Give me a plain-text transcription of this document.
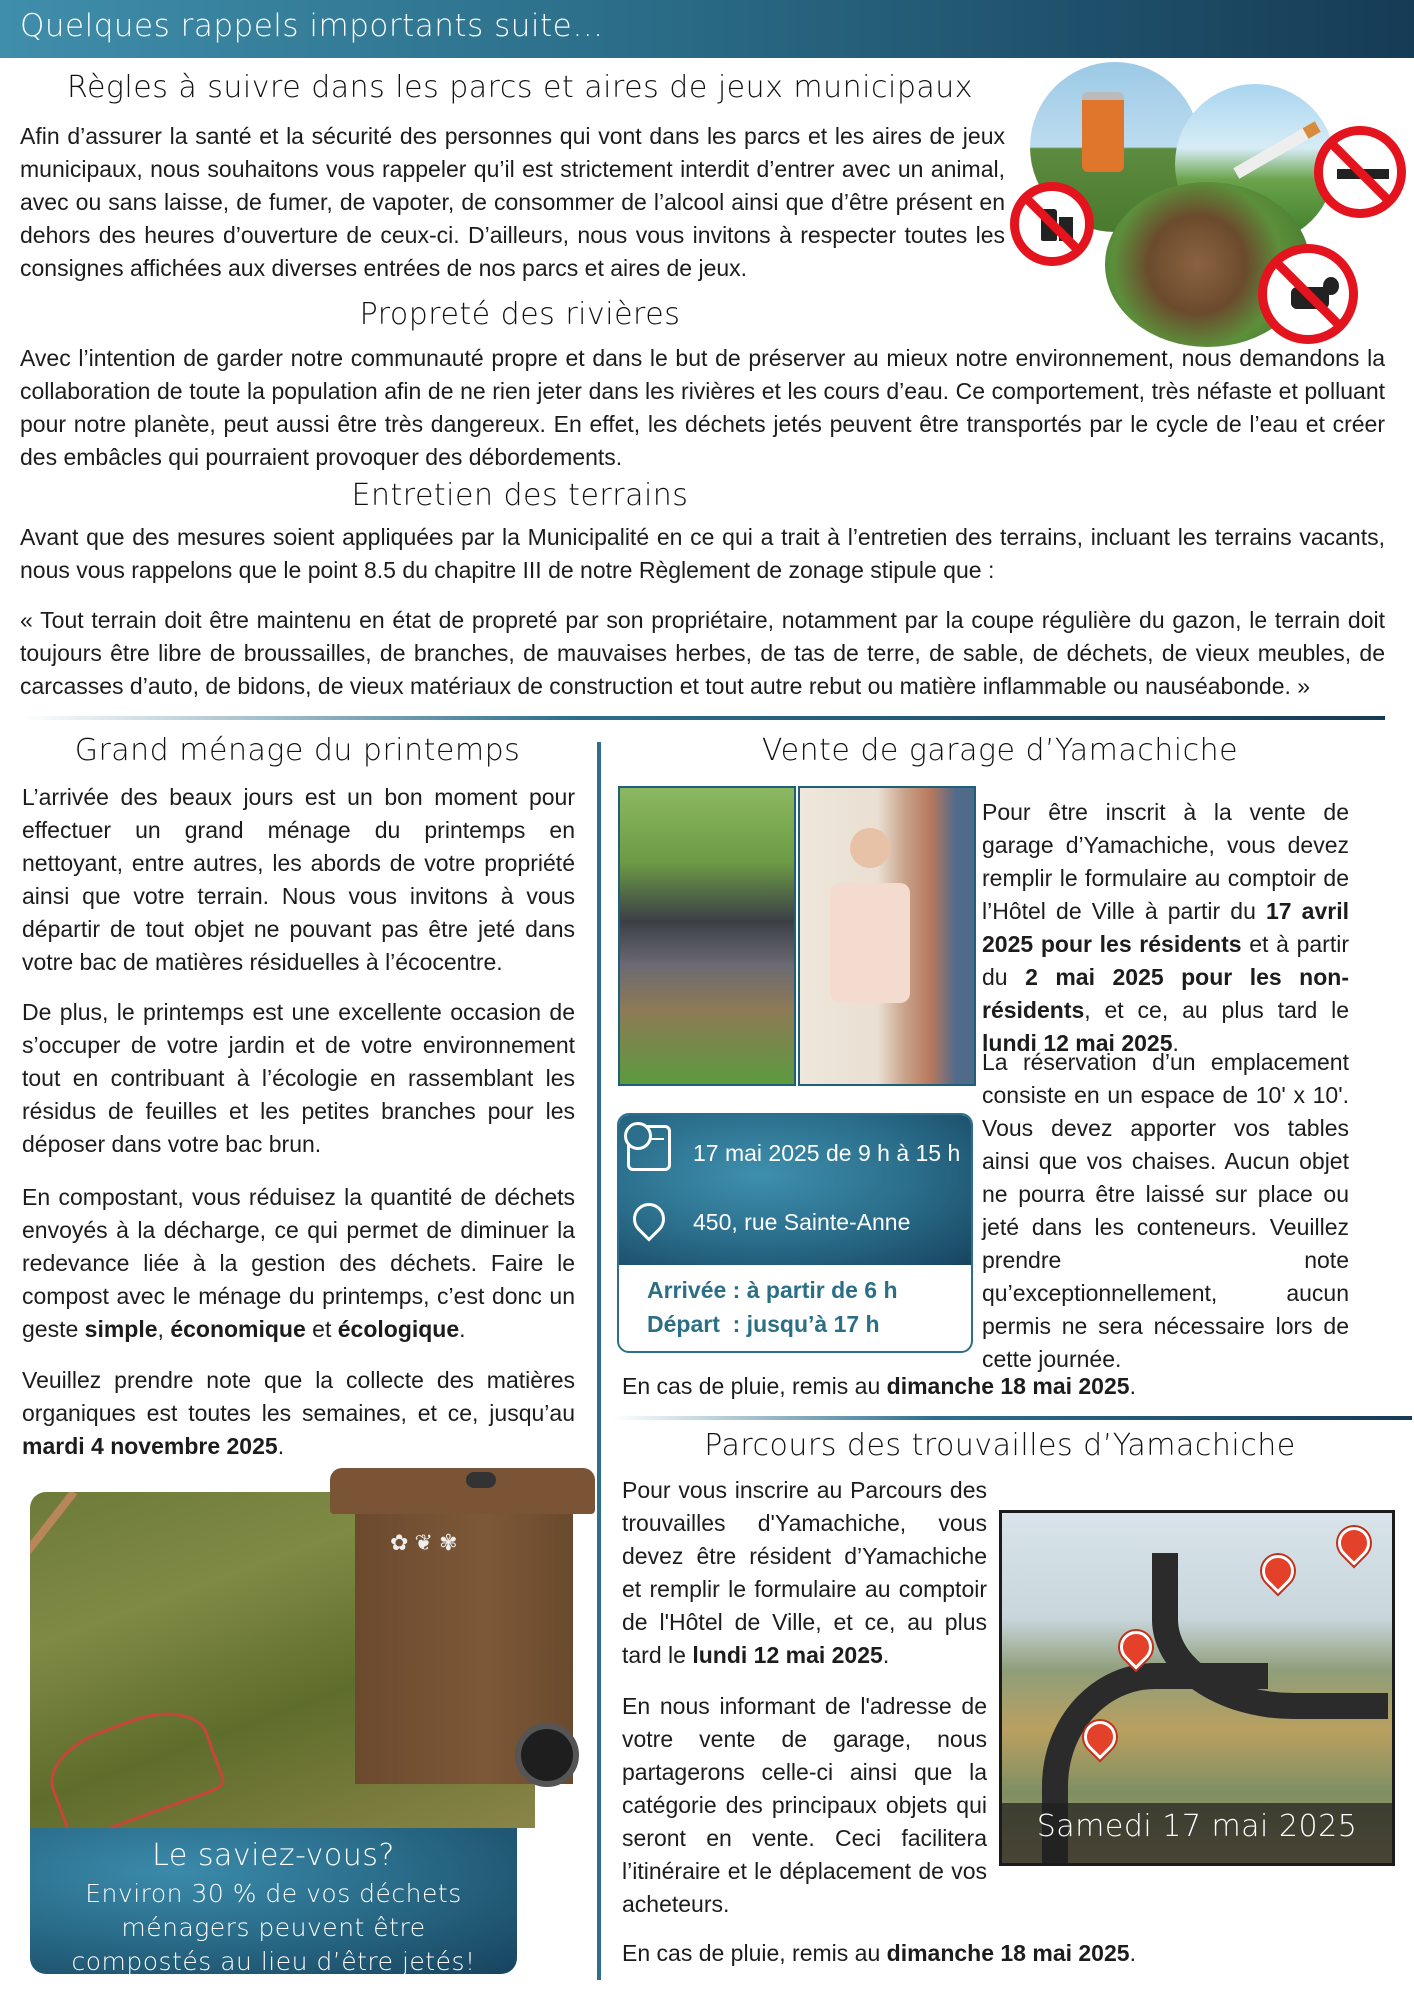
Quelques rappels importants suite…
Règles à suivre dans les parcs et aires de jeux municipaux

Afin d’assurer la santé et la sécurité des personnes qui vont dans les parcs et les aires de jeux municipaux, nous souhaitons vous rappeler qu’il est strictement interdit d’entrer avec un animal, avec ou sans laisse, de fumer, de vapoter, de consommer de l’alcool ainsi que d’être présent en dehors des heures d’ouverture de ceux-ci. D’ailleurs, nous vous invitons à respecter toutes les consignes affichées aux diverses entrées de nos parcs et aires de jeux.

Propreté des rivières

Avec l’intention de garder notre communauté propre et dans le but de préserver au mieux notre environnement, nous demandons la collaboration de toute la population afin de ne rien jeter dans les rivières et les cours d’eau. Ce comportement, très néfaste et polluant pour notre planète, peut aussi être très dangereux. En effet, les déchets jetés peuvent être transportés par le cycle de l’eau et créer des embâcles qui pourraient provoquer des débordements.

Entretien des terrains

Avant que des mesures soient appliquées par la Municipalité en ce qui a trait à l’entretien des terrains, incluant les terrains vacants, nous vous rappelons que le point 8.5 du chapitre III de notre Règlement de zonage stipule que :

« Tout terrain doit être maintenu en état de propreté par son propriétaire, notamment par la coupe régulière du gazon, le terrain doit toujours être libre de broussailles, de branches, de mauvaises herbes, de tas de terre, de sable, de déchets, de vieux meubles, de carcasses d’auto, de bidons, de vieux matériaux de construction et tout autre rebut ou matière inflammable ou nauséabonde. »

Grand ménage du printemps

L’arrivée des beaux jours est un bon moment pour effectuer un grand ménage du printemps en nettoyant, entre autres, les abords de votre propriété ainsi que votre terrain. Nous vous invitons à vous départir de tout objet ne pouvant pas être jeté dans votre bac de matières résiduelles à l’écocentre.

De plus, le printemps est une excellente occasion de s’occuper de votre jardin et de votre environnement tout en contribuant à l’écologie en rassemblant les résidus de feuilles et les petites branches pour les déposer dans votre bac brun.

En compostant, vous réduisez la quantité de déchets envoyés à la décharge, ce qui permet de diminuer la redevance liée à la gestion des déchets. Faire le compost avec le ménage du printemps, c’est donc un geste simple, économique et écologique.

Veuillez prendre note que la collecte des matières organiques est toutes les semaines, et ce, jusqu’au mardi 4 novembre 2025.

✿ ❦ ✾
Le saviez-vous?
Environ 30 % de vos déchets ménagers peuvent être compostés au lieu d’être jetés!
Vente de garage d’Yamachiche
17 mai 2025 de 9 h à 15 h
450, rue Sainte-Anne
Arrivée : à partir de 6 h
Départ  : jusqu’à 17 h

Pour être inscrit à la vente de garage d’Yamachiche, vous devez remplir le formulaire au comptoir de l’Hôtel de Ville à partir du 17 avril 2025 pour les résidents et à partir du 2 mai 2025 pour les non-résidents, et ce, au plus tard le lundi 12 mai 2025.

La réservation d’un emplacement consiste en un espace de 10' x 10'. Vous devez apporter vos tables ainsi que vos chaises. Aucun objet ne pourra être laissé sur place ou jeté dans les conteneurs. Veuillez prendre note qu’exceptionnellement, aucun permis ne sera nécessaire lors de cette journée.

En cas de pluie, remis au dimanche 18 mai 2025.

Parcours des trouvailles d’Yamachiche

Pour vous inscrire au Parcours des trouvailles d'Yamachiche, vous devez être résident d’Yamachiche et remplir le formulaire au comptoir de l'Hôtel de Ville, et ce, au plus tard le lundi 12 mai 2025.

En nous informant de l'adresse de votre vente de garage, nous partagerons celle-ci ainsi que la catégorie des principaux objets qui seront en vente. Ceci facilitera l’itinéraire et le déplacement de vos acheteurs.

Samedi 17 mai 2025

En cas de pluie, remis au dimanche 18 mai 2025.
